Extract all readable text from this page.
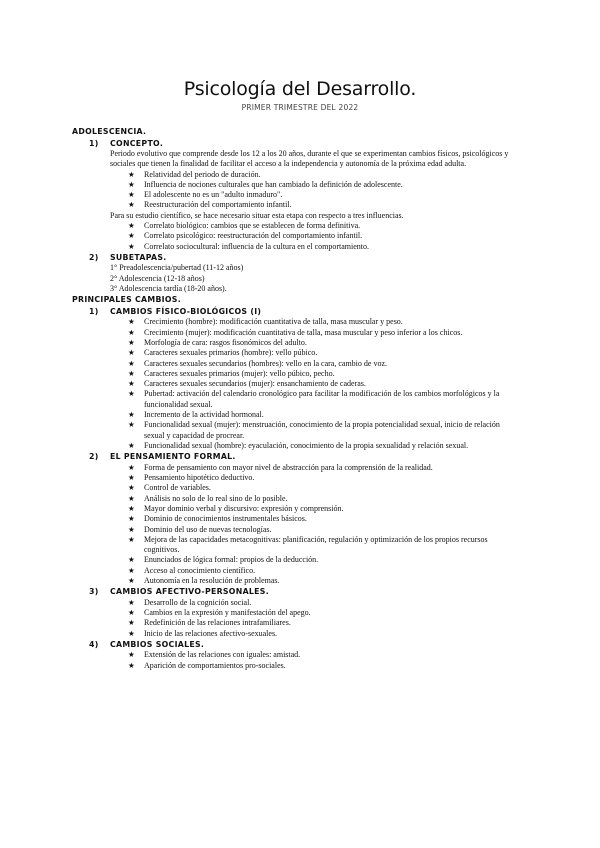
Psicología del Desarrollo.
PRIMER TRIMESTRE DEL 2022
ADOLESCENCIA.
1) CONCEPTO.
Periodo evolutivo que comprende desde los 12 a los 20 años, durante el que se experimentan cambios físicos, psicológicos y sociales que tienen la finalidad de facilitar el acceso a la independencia y autonomía de la próxima edad adulta.
★ Relatividad del periodo de duración.
★ Influencia de nociones culturales que han cambiado la definición de adolescente.
★ El adolescente no es un "adulto inmaduro".
★ Reestructuración del comportamiento infantil.
Para su estudio científico, se hace necesario situar esta etapa con respecto a tres influencias.
★ Correlato biológico: cambios que se establecen de forma definitiva.
★ Correlato psicológico: reestructuración del comportamiento infantil.
★ Correlato sociocultural: influencia de la cultura en el comportamiento.
2) SUBETAPAS.
1° Preadolescencia/pubertad (11-12 años)
2° Adolescencia (12-18 años)
3° Adolescencia tardía (18-20 años).
PRINCIPALES CAMBIOS.
1) CAMBIOS FÍSICO-BIOLÓGICOS (I)
★ Crecimiento (hombre): modificación cuantitativa de talla, masa muscular y peso.
★ Crecimiento (mujer): modificación cuantitativa de talla, masa muscular y peso inferior a los chicos.
★ Morfología de cara: rasgos fisonómicos del adulto.
★ Caracteres sexuales primarios (hombre): vello púbico.
★ Caracteres sexuales secundarios (hombres): vello en la cara, cambio de voz.
★ Caracteres sexuales primarios (mujer): vello púbico, pecho.
★ Caracteres sexuales secundarios (mujer): ensanchamiento de caderas.
★ Pubertad: activación del calendario cronológico para facilitar la modificación de los cambios morfológicos y la funcionalidad sexual.
★ Incremento de la actividad hormonal.
★ Funcionalidad sexual (mujer): menstruación, conocimiento de la propia potencialidad sexual, inicio de relación sexual y capacidad de procrear.
★ Funcionalidad sexual (hombre): eyaculación, conocimiento de la propia sexualidad y relación sexual.
2) EL PENSAMIENTO FORMAL.
★ Forma de pensamiento con mayor nivel de abstracción para la comprensión de la realidad.
★ Pensamiento hipotético deductivo.
★ Control de variables.
★ Análisis no solo de lo real sino de lo posible.
★ Mayor dominio verbal y discursivo: expresión y comprensión.
★ Dominio de conocimientos instrumentales básicos.
★ Dominio del uso de nuevas tecnologías.
★ Mejora de las capacidades metacognitivas: planificación, regulación y optimización de los propios recursos cognitivos.
★ Enunciados de lógica formal: propios de la deducción.
★ Acceso al conocimiento científico.
★ Autonomía en la resolución de problemas.
3) CAMBIOS AFECTIVO-PERSONALES.
★ Desarrollo de la cognición social.
★ Cambios en la expresión y manifestación del apego.
★ Redefinición de las relaciones intrafamiliares.
★ Inicio de las relaciones afectivo-sexuales.
4) CAMBIOS SOCIALES.
★ Extensión de las relaciones con iguales: amistad.
★ Aparición de comportamientos pro-sociales.
